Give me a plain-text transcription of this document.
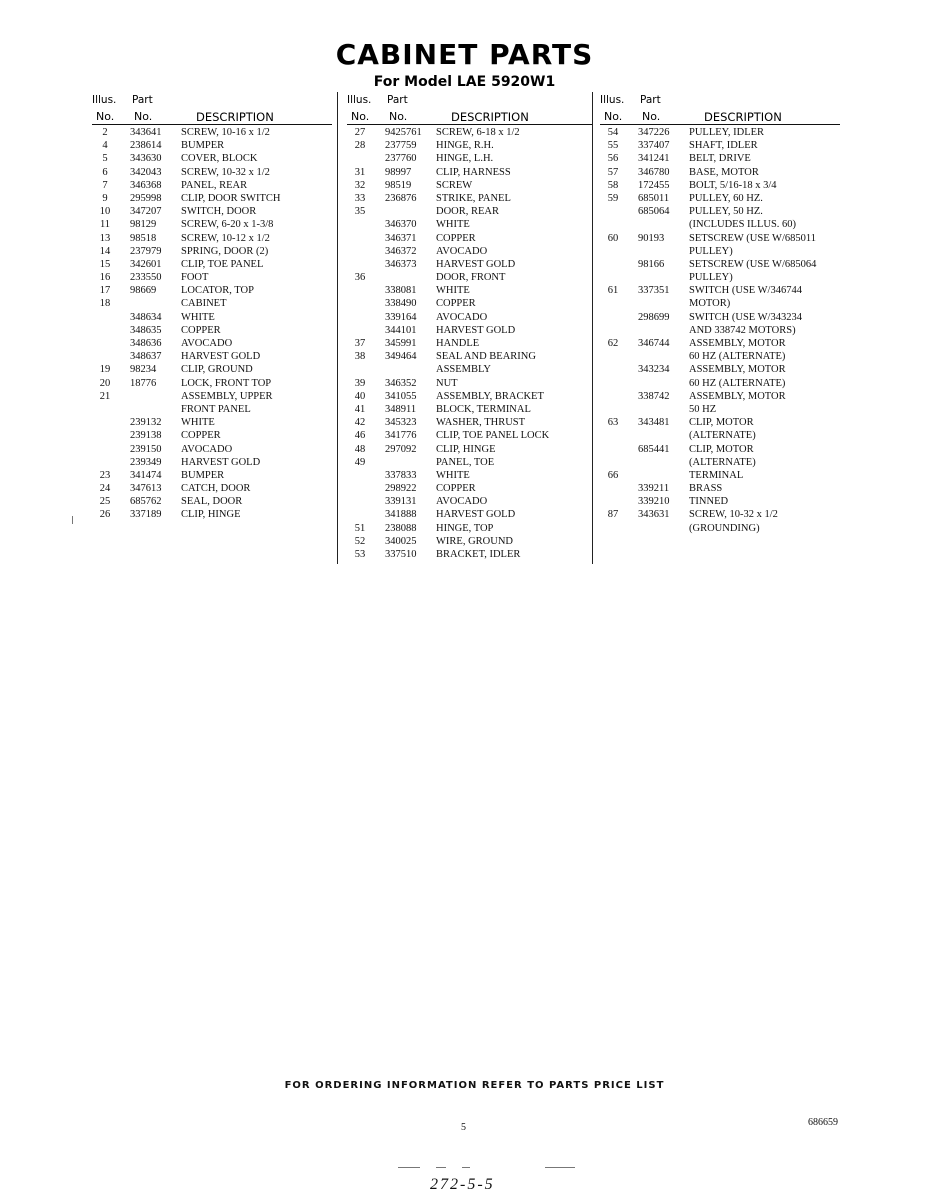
CABINET PARTS
For Model LAE 5920W1
Illus. Part
No. No.	DESCRIPTION
2	343641 SCREW, 10-16 x 1/2
4	238614 BUMPER
5	343630 COVER, BLOCK
6	342043 SCREW, 10-32 x 1/2
7	346368 PANEL, REAR
9	295998 CLIP, DOOR SWITCH
10	347207 SWITCH, DOOR
11	98129 SCREW, 6-20 x 1-3/8
13	98518 SCREW, 10-12 x 1/2
14	237979 SPRING, DOOR (2)
15	342601 CLIP, TOE PANEL
16	233550 FOOT
17	98669 LOCATOR, TOP
18	CABINET
348634 WHITE
348635 COPPER
348636 AVOCADO
348637 HARVEST GOLD
19	98234 CLIP, GROUND
20	18776 LOCK, FRONT TOP
21	ASSEMBLY, UPPER
FRONT PANEL
239132 WHITE
239138 COPPER
239150 AVOCADO
239349 HARVEST GOLD
23	341474 BUMPER
24	347613 CATCH, DOOR
25	685762 SEAL, DOOR
26	337189 CLIP, HINGE
Illus. Part
No. No.	DESCRIPTION
27	9425761 SCREW, 6-18 x 1/2
28	237759 HINGE, R.H.
237760 HINGE, L.H.
31	98997 CLIP, HARNESS
32	98519 SCREW
33	236876 STRIKE, PANEL
35	DOOR, REAR
346370 WHITE
346371 COPPER
346372 AVOCADO
346373 HARVEST GOLD
36	DOOR, FRONT
338081 WHITE
338490 COPPER
339164 AVOCADO
344101 HARVEST GOLD
37	345991 HANDLE
38	349464 SEAL AND BEARING
ASSEMBLY
39	346352 NUT
40	341055 ASSEMBLY, BRACKET
41	348911 BLOCK, TERMINAL
42	345323 WASHER, THRUST
46	341776 CLIP, TOE PANEL LOCK
48	297092 CLIP, HINGE
49	PANEL, TOE
337833 WHITE
298922 COPPER
339131 AVOCADO
341888 HARVEST GOLD
51	238088 HINGE, TOP
52	340025 WIRE, GROUND
53	337510 BRACKET, IDLER
Illus. Part
No. No.	DESCRIPTION
54	347226 PULLEY, IDLER
55	337407 SHAFT, IDLER
56	341241 BELT, DRIVE
57	346780 BASE, MOTOR
58	172455 BOLT, 5/16-18 x 3/4
59	685011 PULLEY, 60 HZ.
685064 PULLEY, 50 HZ.
(INCLUDES ILLUS. 60)
60	90193 SETSCREW (USE W/685011
PULLEY)
98166 SETSCREW (USE W/685064
PULLEY)
61	337351 SWITCH (USE W/346744
MOTOR)
298699 SWITCH (USE W/343234
AND 338742 MOTORS)
62	346744 ASSEMBLY, MOTOR
60 HZ (ALTERNATE)
343234 ASSEMBLY, MOTOR
60 HZ (ALTERNATE)
338742 ASSEMBLY, MOTOR
50 HZ
63	343481 CLIP, MOTOR
(ALTERNATE)
685441 CLIP, MOTOR
(ALTERNATE)
66	TERMINAL
339211 BRASS
339210 TINNED
87	343631 SCREW, 10-32 x 1/2
(GROUNDING)
FOR ORDERING INFORMATION REFER TO PARTS PRICE LIST
5	686659
272-5-5
